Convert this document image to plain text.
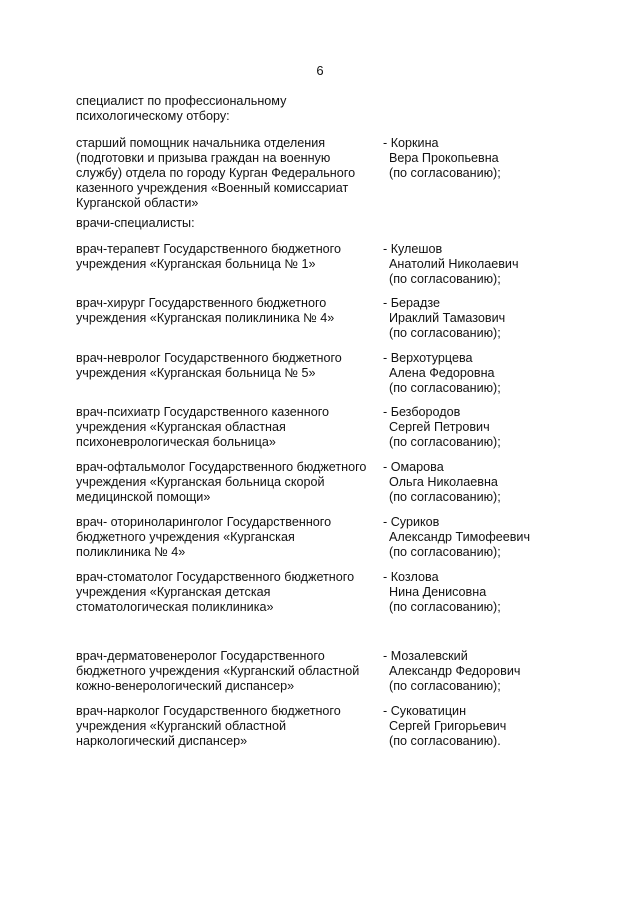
6
специалист по профессиональному
психологическому отбору:
врачи-специалисты:
старший помощник начальника отделения
(подготовки и призыва граждан на военную
службу) отдела по городу Курган Федерального
казенного учреждения «Военный комиссариат
Курганской области»
- Коркина
Вера Прокопьевна
(по согласованию);
врач-терапевт Государственного бюджетного
учреждения «Курганская больница № 1»
- Кулешов
Анатолий Николаевич
(по согласованию);
врач-хирург Государственного бюджетного
учреждения «Курганская поликлиника № 4»
- Берадзе
Ираклий Тамазович
(по согласованию);
врач-невролог Государственного бюджетного
учреждения «Курганская больница № 5»
- Верхотурцева
Алена Федоровна
(по согласованию);
врач-психиатр Государственного казенного
учреждения «Курганская областная
психоневрологическая больница»
- Безбородов
Сергей Петрович
(по согласованию);
врач-офтальмолог Государственного бюджетного
учреждения «Курганская больница скорой
медицинской помощи»
- Омарова
Ольга Николаевна
(по согласованию);
врач- оториноларинголог Государственного
бюджетного учреждения «Курганская
поликлиника № 4»
- Суриков
Александр Тимофеевич
(по согласованию);
врач-стоматолог Государственного бюджетного
учреждения «Курганская детская
стоматологическая поликлиника»
- Козлова
Нина Денисовна
(по согласованию);
врач-дерматовенеролог Государственного
бюджетного учреждения «Курганский областной
кожно-венерологический диспансер»
- Мозалевский
Александр Федорович
(по согласованию);
врач-нарколог Государственного бюджетного
учреждения «Курганский областной
наркологический диспансер»
- Суковатицин
Сергей Григорьевич
(по согласованию).
